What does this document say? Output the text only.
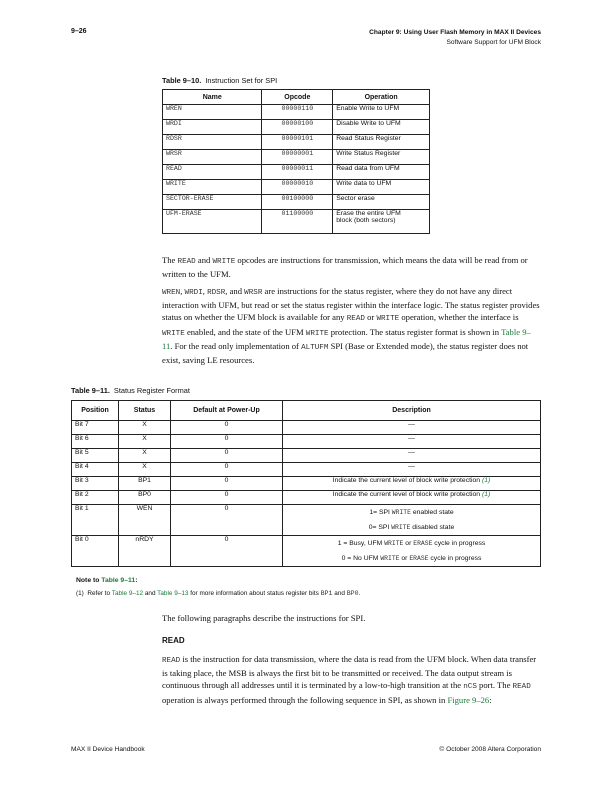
9–26	Chapter 9: Using User Flash Memory in MAX II Devices
Software Support for UFM Block
Table 9–10. Instruction Set for SPI
Name	Opcode	Operation
WREN	00000110	Enable Write to UFM
WRDI	00000100	Disable Write to UFM
RDSR	00000101	Read Status Register
WRSR	00000001	Write Status Register
READ	00000011	Read data from UFM
WRITE	00000010	Write data to UFM
SECTOR-ERASE	00100000	Sector erase
UFM-ERASE	01100000	Erase the entire UFM
block (both sectors)
The READ and WRITE opcodes are instructions for transmission, which means the data will be read from or written to the UFM.
WREN, WRDI, RDSR, and WRSR are instructions for the status register, where they do not have any direct interaction with UFM, but read or set the status register within the interface logic. The status register provides status on whether the UFM block is available for any READ or WRITE operation, whether the interface is WRITE enabled, and the state of the UFM WRITE protection. The status register format is shown in Table 9–11. For the read only implementation of ALTUFM SPI (Base or Extended mode), the status register does not exist, saving LE resources.
Table 9–11. Status Register Format
Position	Status	Default at Power-Up	Description
Bit 7	X	0	—
Bit 6	X	0	—
Bit 5	X	0	—
Bit 4	X	0	—
Bit 3	BP1	0	Indicate the current level of block write protection (1)
Bit 2	BP0	0	Indicate the current level of block write protection (1)
Bit 1	WEN	0	1= SPI WRITE enabled state
0= SPI WRITE disabled state
Bit 0	nRDY	0	1 = Busy, UFM WRITE or ERASE cycle in progress
0 = No UFM WRITE or ERASE cycle in progress
Note to Table 9–11:
(1) Refer to Table 9–12 and Table 9–13 for more information about status register bits BP1 and BP0.
The following paragraphs describe the instructions for SPI.
READ
READ is the instruction for data transmission, where the data is read from the UFM block. When data transfer is taking place, the MSB is always the first bit to be transmitted or received. The data output stream is continuous through all addresses until it is terminated by a low-to-high transition at the nCS port. The READ operation is always performed through the following sequence in SPI, as shown in Figure 9–26:
MAX II Device Handbook	© October 2008 Altera Corporation
